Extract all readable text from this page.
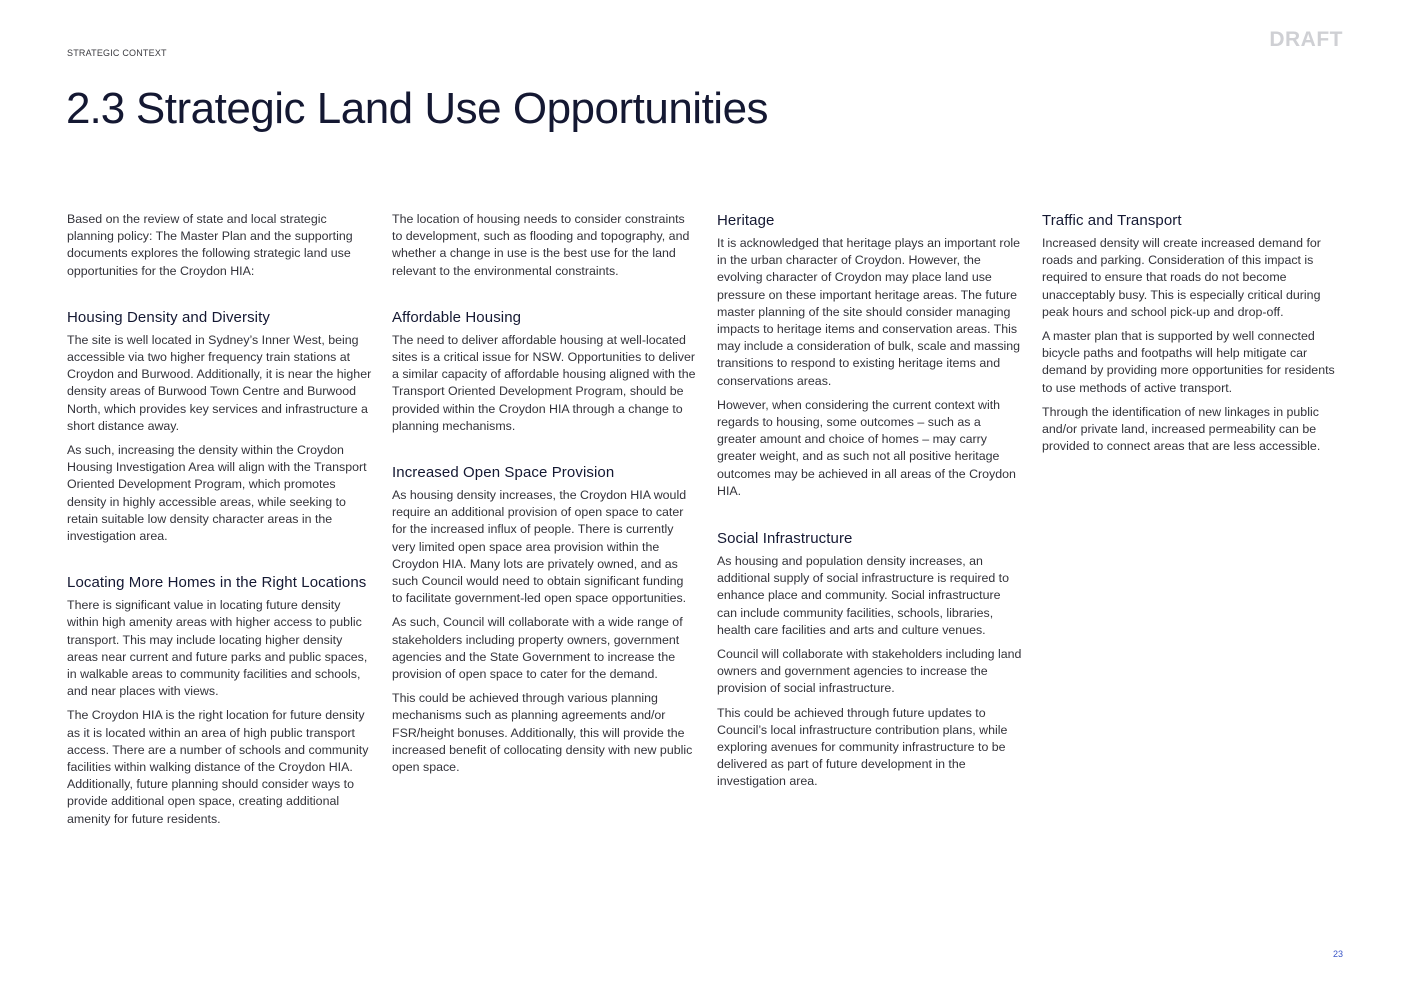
STRATEGIC CONTEXT
DRAFT
2.3 Strategic Land Use Opportunities

Based on the review of state and local strategic planning policy: The Master Plan and the supporting documents explores the following strategic land use opportunities for the Croydon HIA:

Housing Density and Diversity

The site is well located in Sydney’s Inner West, being accessible via two higher frequency train stations at Croydon and Burwood. Additionally, it is near the higher density areas of Burwood Town Centre and Burwood North, which provides key services and infrastructure a short distance away.

As such, increasing the density within the Croydon Housing Investigation Area will align with the Transport Oriented Development Program, which promotes density in highly accessible areas, while seeking to retain suitable low density character areas in the investigation area.

Locating More Homes in the Right Locations

There is significant value in locating future density within high amenity areas with higher access to public transport. This may include locating higher density areas near current and future parks and public spaces, in walkable areas to community facilities and schools, and near places with views.

The Croydon HIA is the right location for future density as it is located within an area of high public transport access. There are a number of schools and community facilities within walking distance of the Croydon HIA. Additionally, future planning should consider ways to provide additional open space, creating additional amenity for future residents.

The location of housing needs to consider constraints to development, such as flooding and topography, and whether a change in use is the best use for the land relevant to the environmental constraints.

Affordable Housing

The need to deliver affordable housing at well-located sites is a critical issue for NSW. Opportunities to deliver a similar capacity of affordable housing aligned with the Transport Oriented Development Program, should be provided within the Croydon HIA through a change to planning mechanisms.

Increased Open Space Provision

As housing density increases, the Croydon HIA would require an additional provision of open space to cater for the increased influx of people. There is currently very limited open space area provision within the Croydon HIA. Many lots are privately owned, and as such Council would need to obtain significant funding to facilitate government-led open space opportunities.

As such, Council will collaborate with a wide range of stakeholders including property owners, government agencies and the State Government to increase the provision of open space to cater for the demand.

This could be achieved through various planning mechanisms such as planning agreements and/or FSR/height bonuses. Additionally, this will provide the increased benefit of collocating density with new public open space.

Heritage

It is acknowledged that heritage plays an important role in the urban character of Croydon. However, the evolving character of Croydon may place land use pressure on these important heritage areas. The future master planning of the site should consider managing impacts to heritage items and conservation areas. This may include a consideration of bulk, scale and massing transitions to respond to existing heritage items and conservations areas.

However, when considering the current context with regards to housing, some outcomes – such as a greater amount and choice of homes – may carry greater weight, and as such not all positive heritage outcomes may be achieved in all areas of the Croydon HIA.

Social Infrastructure

As housing and population density increases, an additional supply of social infrastructure is required to enhance place and community. Social infrastructure can include community facilities, schools, libraries, health care facilities and arts and culture venues.

Council will collaborate with stakeholders including land owners and government agencies to increase the provision of social infrastructure.

This could be achieved through future updates to Council’s local infrastructure contribution plans, while exploring avenues for community infrastructure to be delivered as part of future development in the investigation area.

Traffic and Transport

Increased density will create increased demand for roads and parking. Consideration of this impact is required to ensure that roads do not become unacceptably busy. This is especially critical during peak hours and school pick-up and drop-off.

A master plan that is supported by well connected bicycle paths and footpaths will help mitigate car demand by providing more opportunities for residents to use methods of active transport.

Through the identification of new linkages in public and/or private land, increased permeability can be provided to connect areas that are less accessible.

23
